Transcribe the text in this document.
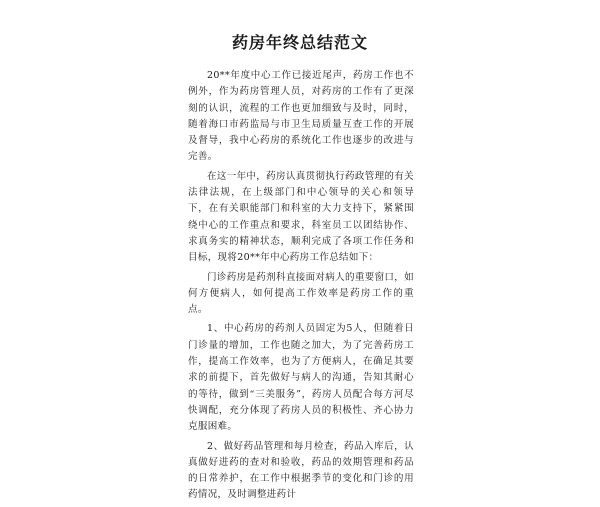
药房年终总结范文

20**年度中心工作已接近尾声，药房工作也不例外，作为药房管理人员，对药房的工作有了更深刻的认识，流程的工作也更加细致与及时，同时，随着海口市药监局与市卫生局质量互查工作的开展及督导，我中心药房的系统化工作也逐步的改进与完善。

在这一年中，药房认真贯彻执行药政管理的有关法律法规，在上级部门和中心领导的关心和领导下，在有关职能部门和科室的大力支持下，紧紧围绕中心的工作重点和要求，科室员工以团结协作、求真务实的精神状态，顺利完成了各项工作任务和目标，现将20**年中心药房工作总结如下：

门诊药房是药剂科直接面对病人的重要窗口，如何方便病人，如何提高工作效率是药房工作的重点。

1、中心药房的药剂人员固定为5人，但随着日门诊量的增加，工作也随之加大，为了完善药房工作，提高工作效率，也为了方便病人，在确足其要求的前提下，首先做好与病人的沟通，告知其耐心的等待，做到“三美服务”，药房人员配合每方河尽快调配，充分体现了药房人员的积极性、齐心协力克服困难。

2、做好药品管理和每月检查，药品入库后，认真做好进药的查对和验收，药品的效期管理和药品的日常养护，在工作中根据季节的变化和门诊的用药情况，及时调整进药计
